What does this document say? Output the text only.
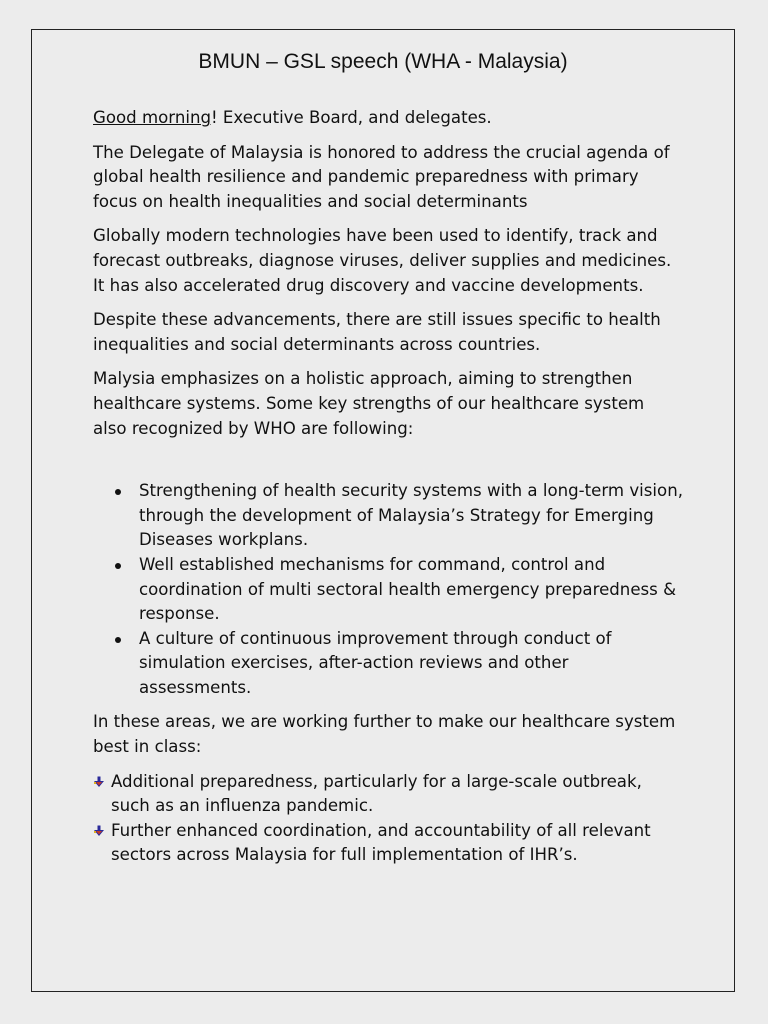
BMUN – GSL speech (WHA - Malaysia)

Good morning! Executive Board, and delegates.

The Delegate of Malaysia is honored to address the crucial agenda of global health resilience and pandemic preparedness with primary focus on health inequalities and social determinants

Globally modern technologies have been used to identify, track and forecast outbreaks, diagnose viruses, deliver supplies and medicines. It has also accelerated drug discovery and vaccine developments.

Despite these advancements, there are still issues specific to health inequalities and social determinants across countries.

Malysia emphasizes on a holistic approach, aiming to strengthen healthcare systems. Some key strengths of our healthcare system also recognized by WHO are following:

Strengthening of health security systems with a long-term vision, through the development of Malaysia’s Strategy for Emerging Diseases workplans.
Well established mechanisms for command, control and coordination of multi sectoral health emergency preparedness & response.
A culture of continuous improvement through conduct of simulation exercises, after-action reviews and other assessments.

In these areas, we are working further to make our healthcare system best in class:

Additional preparedness, particularly for a large-scale outbreak, such as an influenza pandemic.
Further enhanced coordination, and accountability of all relevant sectors across Malaysia for full implementation of IHR’s.
